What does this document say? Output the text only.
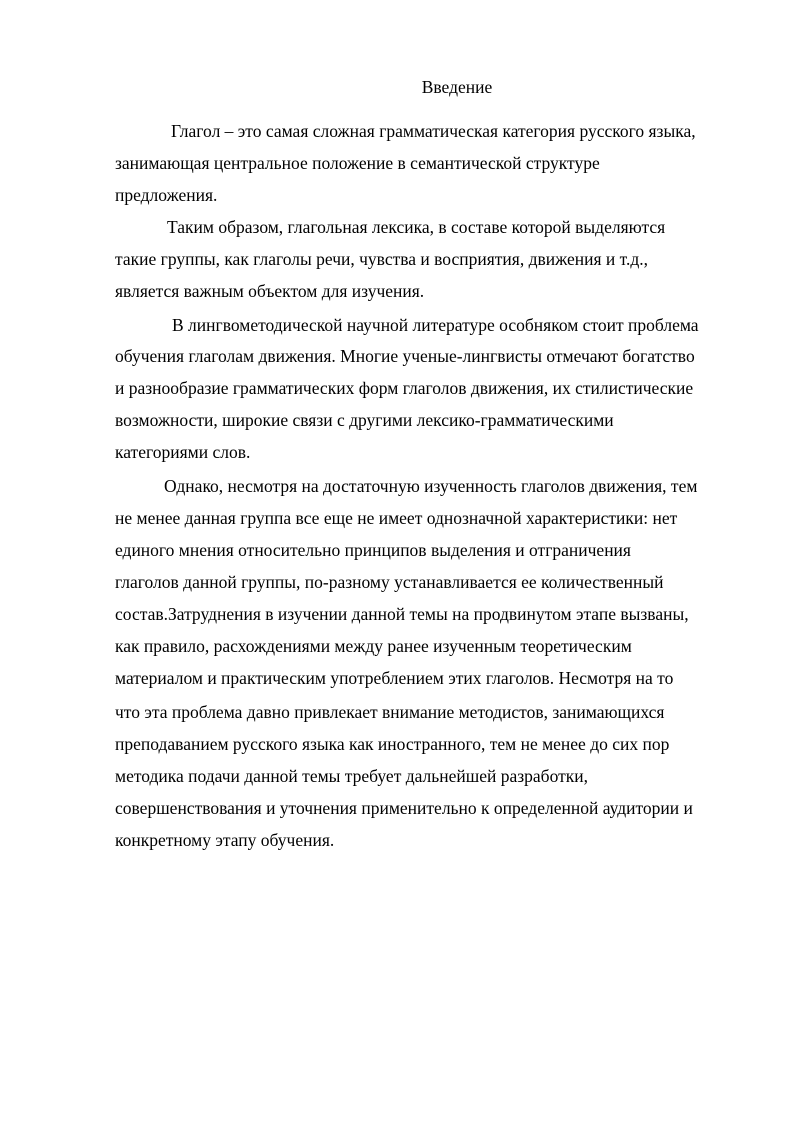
Введение
Глагол – это самая сложная грамматическая категория русского языка,
занимающая центральное положение в семантической структуре
предложения.
Таким образом, глагольная лексика, в составе которой выделяются
такие группы, как глаголы речи, чувства и восприятия, движения и т.д.,
является важным объектом для изучения.
В лингвометодической научной литературе особняком стоит проблема
обучения глаголам движения. Многие ученые-лингвисты отмечают богатство
и разнообразие грамматических форм глаголов движения, их стилистические
возможности, широкие связи с другими лексико-грамматическими
категориями слов.
Однако, несмотря на достаточную изученность глаголов движения, тем
не менее данная группа все еще не имеет однозначной характеристики: нет
единого мнения относительно принципов выделения и отграничения
глаголов данной группы, по-разному устанавливается ее количественный
состав.Затруднения в изучении данной темы на продвинутом этапе вызваны,
как правило, расхождениями между ранее изученным теоретическим
материалом и практическим употреблением этих глаголов. Несмотря на то
что эта проблема давно привлекает внимание методистов, занимающихся
преподаванием русского языка как иностранного, тем не менее до сих пор
методика подачи данной темы требует дальнейшей разработки,
совершенствования и уточнения применительно к определенной аудитории и
конкретному этапу обучения.
